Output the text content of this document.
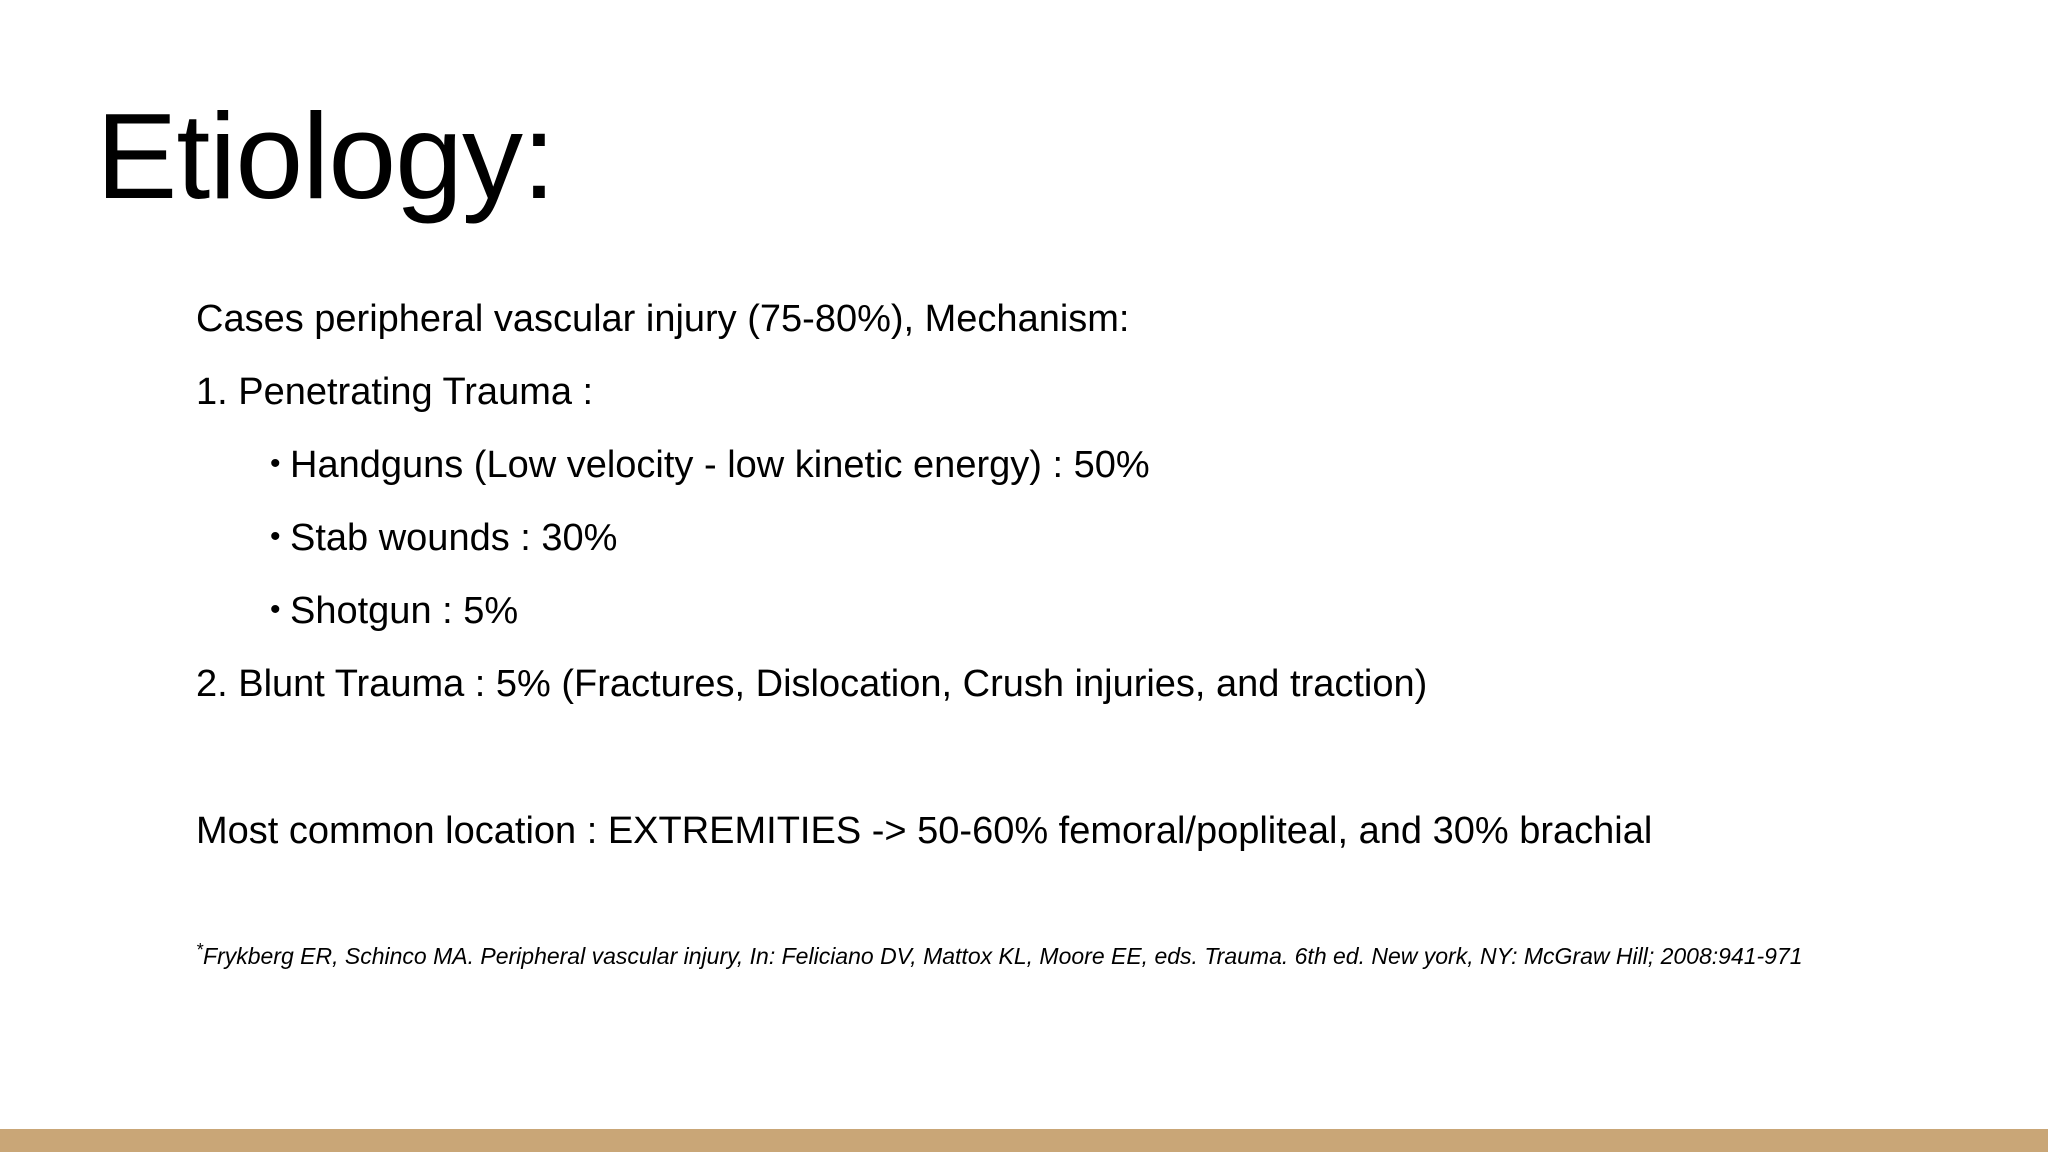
Etiology:
Cases peripheral vascular injury (75-80%), Mechanism:
1. Penetrating Trauma :
• Handguns (Low velocity - low kinetic energy) : 50%
• Stab wounds : 30%
• Shotgun : 5%
2. Blunt Trauma : 5% (Fractures, Dislocation, Crush injuries, and traction)
Most common location : EXTREMITIES -> 50-60% femoral/popliteal, and 30% brachial
*Frykberg ER, Schinco MA. Peripheral vascular injury, In: Feliciano DV, Mattox KL, Moore EE, eds. Trauma. 6th ed. New york, NY: McGraw Hill; 2008:941-971
